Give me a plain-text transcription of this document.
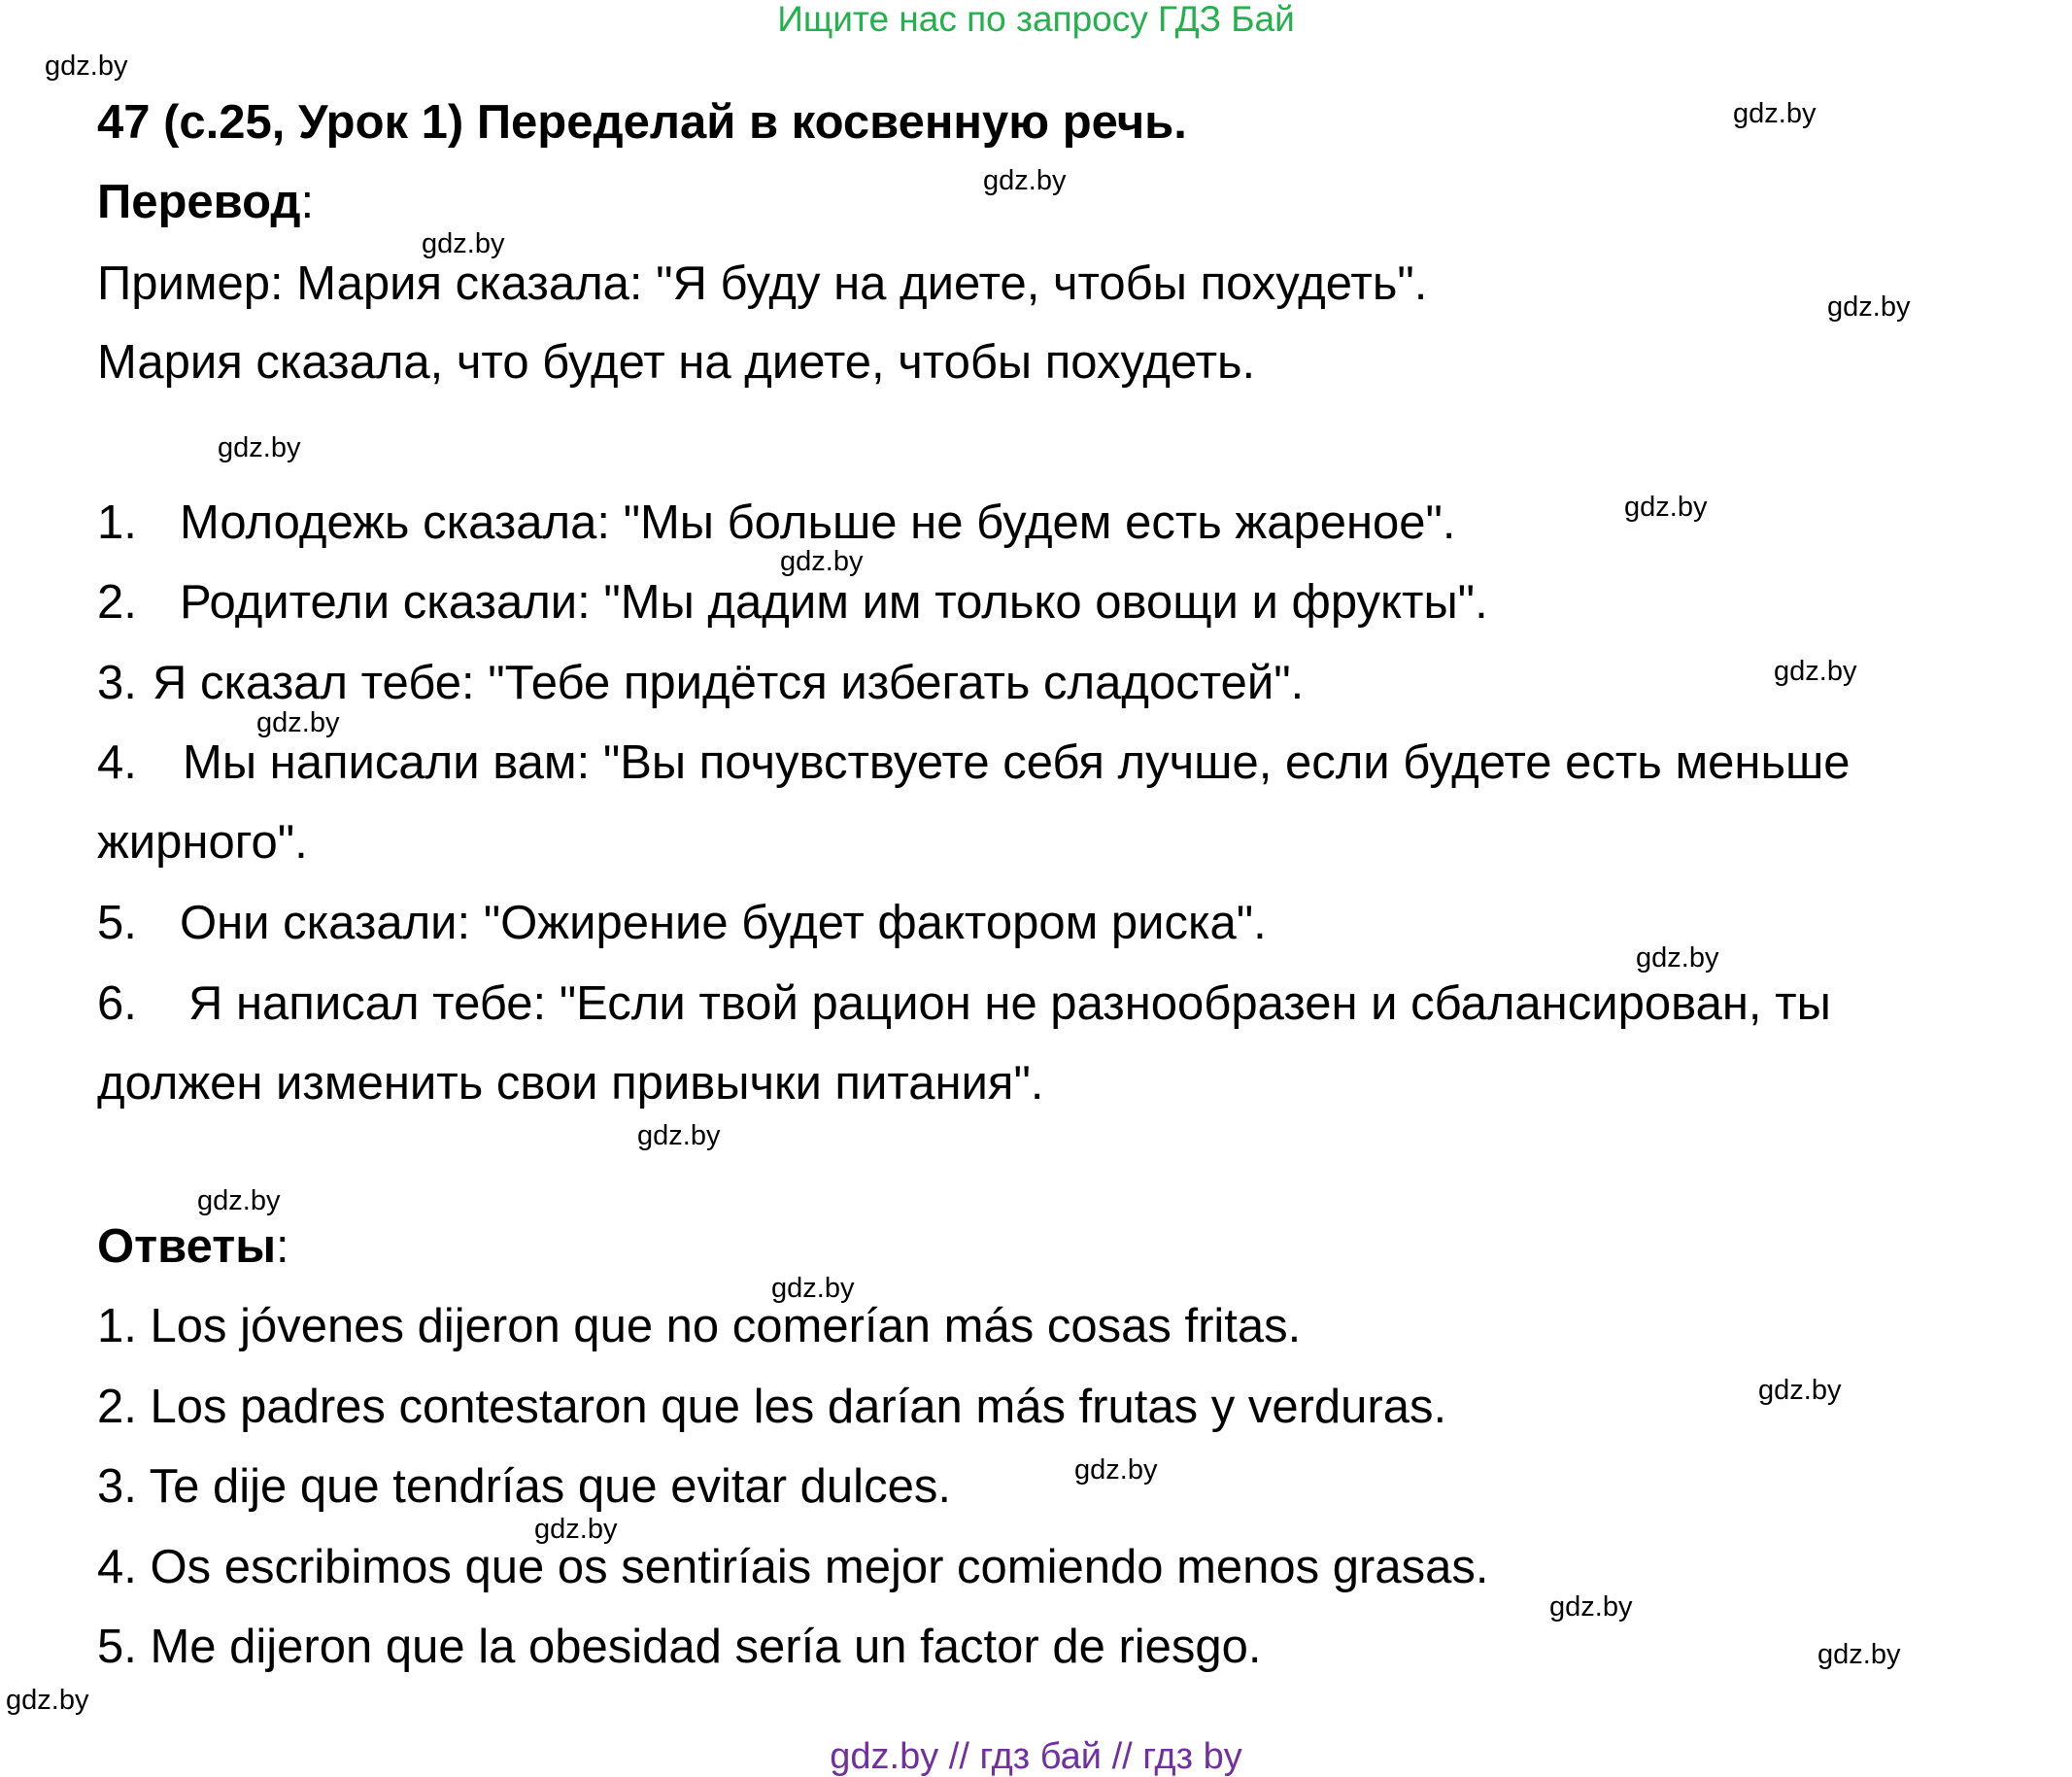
Ищите нас по запросу ГДЗ Бай
47 (с.25, Урок 1) Переделай в косвенную речь.
Перевод:
Пример: Мария сказала: "Я буду на диете, чтобы похудеть".
Мария сказала, что будет на диете, чтобы похудеть.
1. Молодежь сказала: "Мы больше не будем есть жареное".
2. Родители сказали: "Мы дадим им только овощи и фрукты".
3. Я сказал тебе: "Тебе придётся избегать сладостей".
4. Мы написали вам: "Вы почувствуете себя лучше, если будете есть меньше
жирного".
5. Они сказали: "Ожирение будет фактором риска".
6. Я написал тебе: "Если твой рацион не разнообразен и сбалансирован, ты
должен изменить свои привычки питания".
Ответы:
1. Los jóvenes dijeron que no comerían más cosas fritas.
2. Los padres contestaron que les darían más frutas y verduras.
3. Te dije que tendrías que evitar dulces.
4. Os escribimos que os sentiríais mejor comiendo menos grasas.
5. Me dijeron que la obesidad sería un factor de riesgo.
gdz.by
gdz.by
gdz.by
gdz.by
gdz.by
gdz.by
gdz.by
gdz.by
gdz.by
gdz.by
gdz.by
gdz.by
gdz.by
gdz.by
gdz.by
gdz.by
gdz.by
gdz.by
gdz.by
gdz.by
gdz.by // гдз бай // гдз by
